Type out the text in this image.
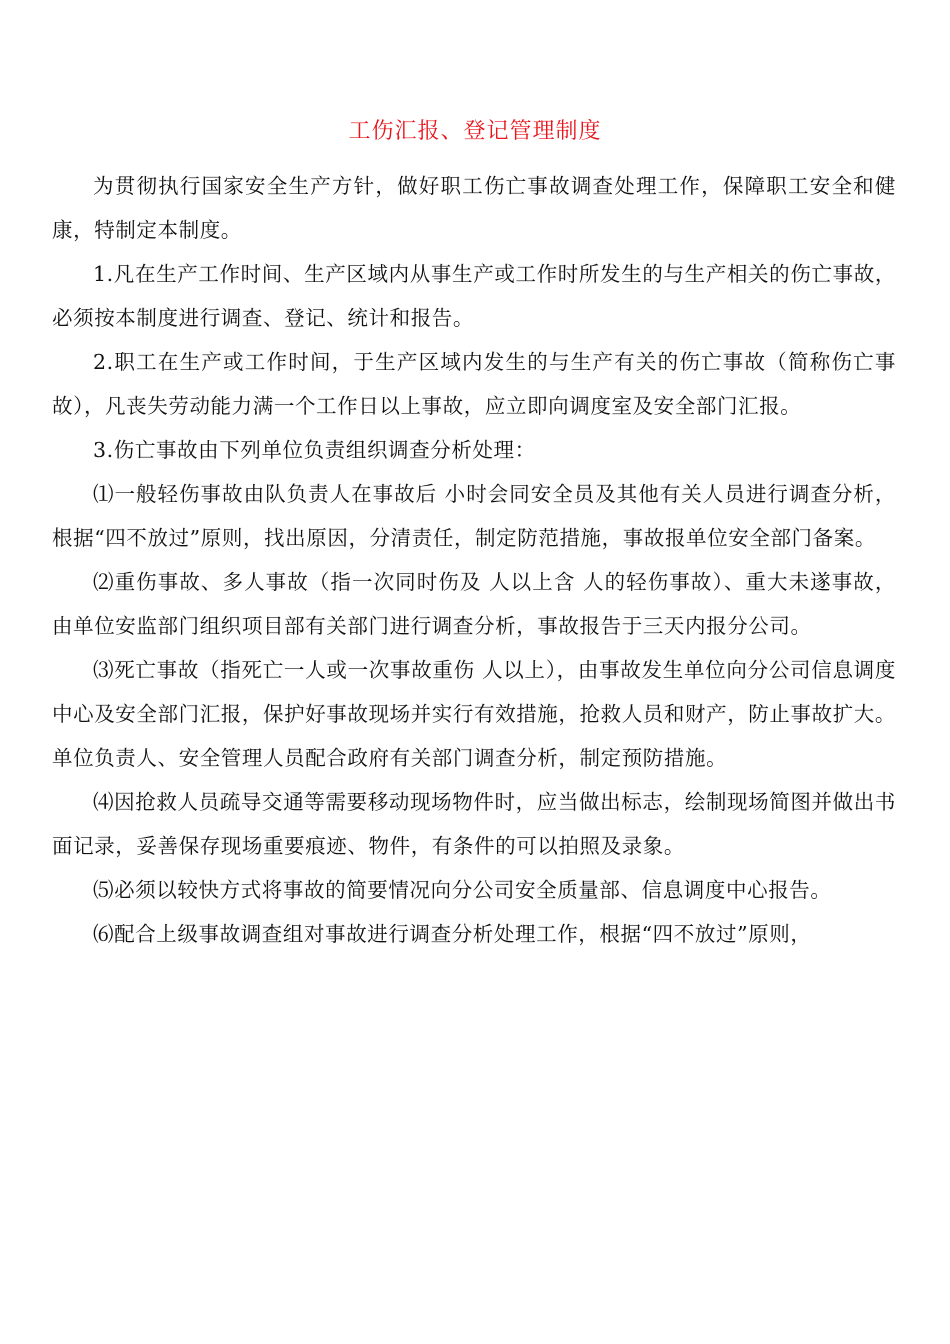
工伤汇报、登记管理制度

为贯彻执行国家安全生产方针，做好职工伤亡事故调查处理工作，保障职工安全和健康，特制定本制度。

1.凡在生产工作时间、生产区域内从事生产或工作时所发生的与生产相关的伤亡事故，必须按本制度进行调查、登记、统计和报告。

2.职工在生产或工作时间，于生产区域内发生的与生产有关的伤亡事故（简称伤亡事故），凡丧失劳动能力满一个工作日以上事故，应立即向调度室及安全部门汇报。

3.伤亡事故由下列单位负责组织调查分析处理：

⑴一般轻伤事故由队负责人在事故后 小时会同安全员及其他有关人员进行调查分析，根据“四不放过”原则，找出原因，分清责任，制定防范措施，事故报单位安全部门备案。

⑵重伤事故、多人事故（指一次同时伤及 人以上含 人的轻伤事故）、重大未遂事故，由单位安监部门组织项目部有关部门进行调查分析，事故报告于三天内报分公司。

⑶死亡事故（指死亡一人或一次事故重伤 人以上），由事故发生单位向分公司信息调度中心及安全部门汇报，保护好事故现场并实行有效措施，抢救人员和财产，防止事故扩大。单位负责人、安全管理人员配合政府有关部门调查分析，制定预防措施。

⑷因抢救人员疏导交通等需要移动现场物件时，应当做出标志，绘制现场简图并做出书面记录，妥善保存现场重要痕迹、物件，有条件的可以拍照及录象。

⑸必须以较快方式将事故的简要情况向分公司安全质量部、信息调度中心报告。

⑹配合上级事故调查组对事故进行调查分析处理工作，根据“四不放过”原则，
